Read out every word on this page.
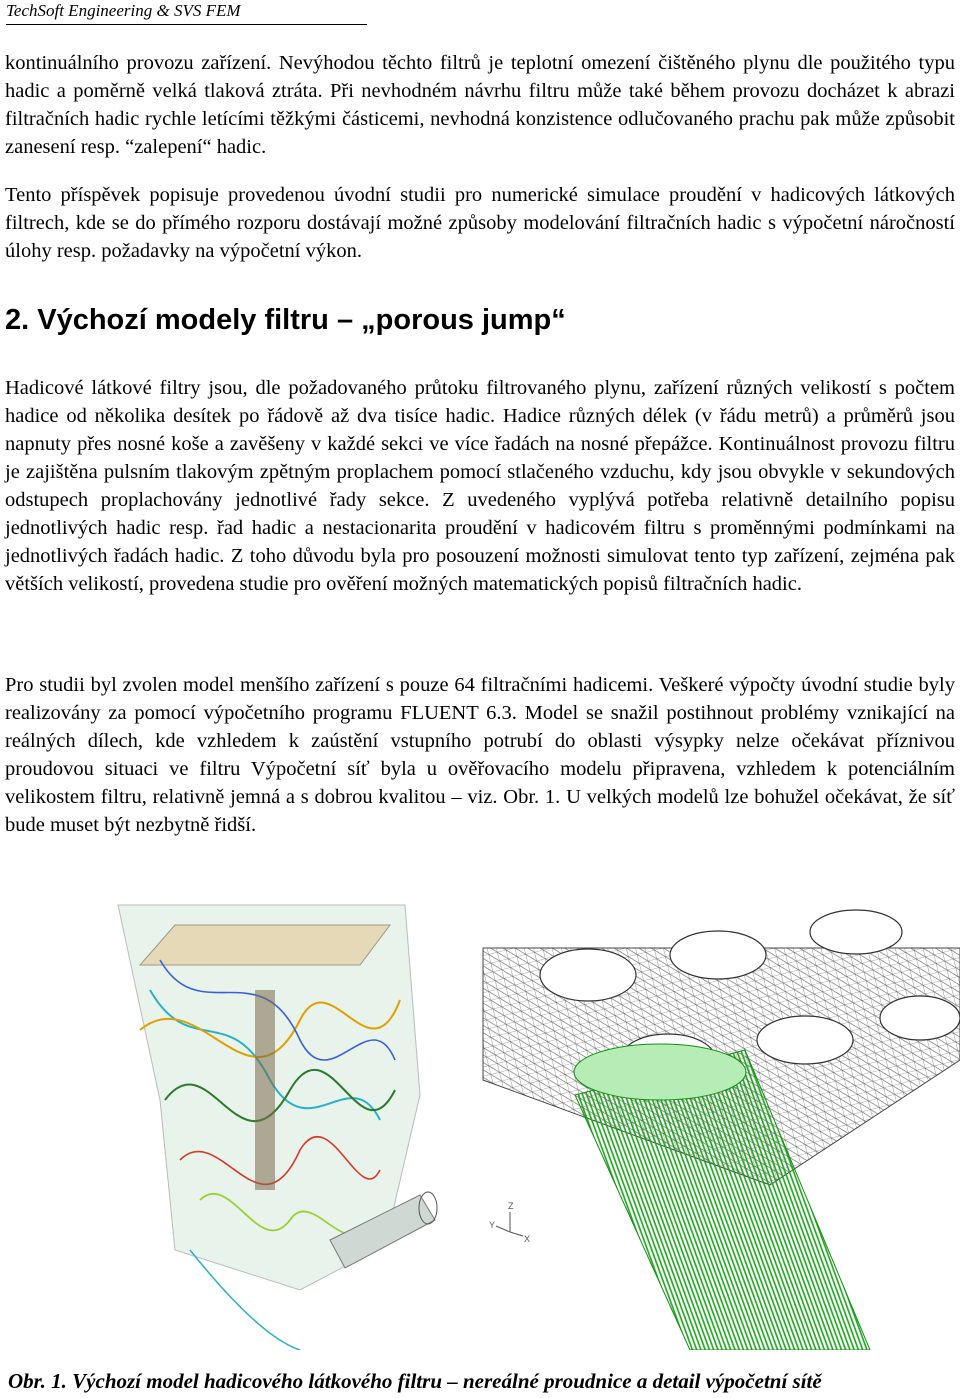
TechSoft Engineering & SVS FEM

kontinuálního provozu zařízení. Nevýhodou těchto filtrů je teplotní omezení čištěného plynu dle použitého typu hadic a poměrně velká tlaková ztráta. Při nevhodném návrhu filtru může také během provozu docházet k abrazi filtračních hadic rychle letícími těžkými částicemi, nevhodná konzistence odlučovaného prachu pak může způsobit zanesení resp. “zalepení“ hadic.

Tento příspěvek popisuje provedenou úvodní studii pro numerické simulace proudění v hadicových látkových filtrech, kde se do přímého rozporu dostávají možné způsoby modelování filtračních hadic s výpočetní náročností úlohy resp. požadavky na výpočetní výkon.

2. Výchozí modely filtru – „porous jump“

Hadicové látkové filtry jsou, dle požadovaného průtoku filtrovaného plynu, zařízení různých velikostí s počtem hadice od několika desítek po řádově až dva tisíce hadic. Hadice různých délek (v řádu metrů) a průměrů jsou napnuty přes nosné koše a zavěšeny v každé sekci ve více řadách na nosné přepážce. Kontinuálnost provozu filtru je zajištěna pulsním tlakovým zpětným proplachem pomocí stlačeného vzduchu, kdy jsou obvykle v sekundových odstupech proplachovány jednotlivé řady sekce. Z uvedeného vyplývá potřeba relativně detailního popisu jednotlivých hadic resp. řad hadic a nestacionarita proudění v hadicovém filtru s proměnnými podmínkami na jednotlivých řadách hadic. Z toho důvodu byla pro posouzení možnosti simulovat tento typ zařízení, zejména pak větších velikostí, provedena studie pro ověření možných matematických popisů filtračních hadic.

Pro studii byl zvolen model menšího zařízení s pouze 64 filtračními hadicemi. Veškeré výpočty úvodní studie byly realizovány za pomocí výpočetního programu FLUENT 6.3. Model se snažil postihnout problémy vznikající na reálných dílech, kde vzhledem k zaústění vstupního potrubí do oblasti výsypky nelze očekávat příznivou proudovou situaci ve filtru Výpočetní síť byla u ověřovacího modelu připravena, vzhledem k potenciálním velikostem filtru, relativně jemná a s dobrou kvalitou – viz. Obr. 1. U velkých modelů lze bohužel očekávat, že síť bude muset být nezbytně řidší.

Z
Y
X

Obr. 1. Výchozí model hadicového látkového filtru – nereálné proudnice a detail výpočetní sítě
